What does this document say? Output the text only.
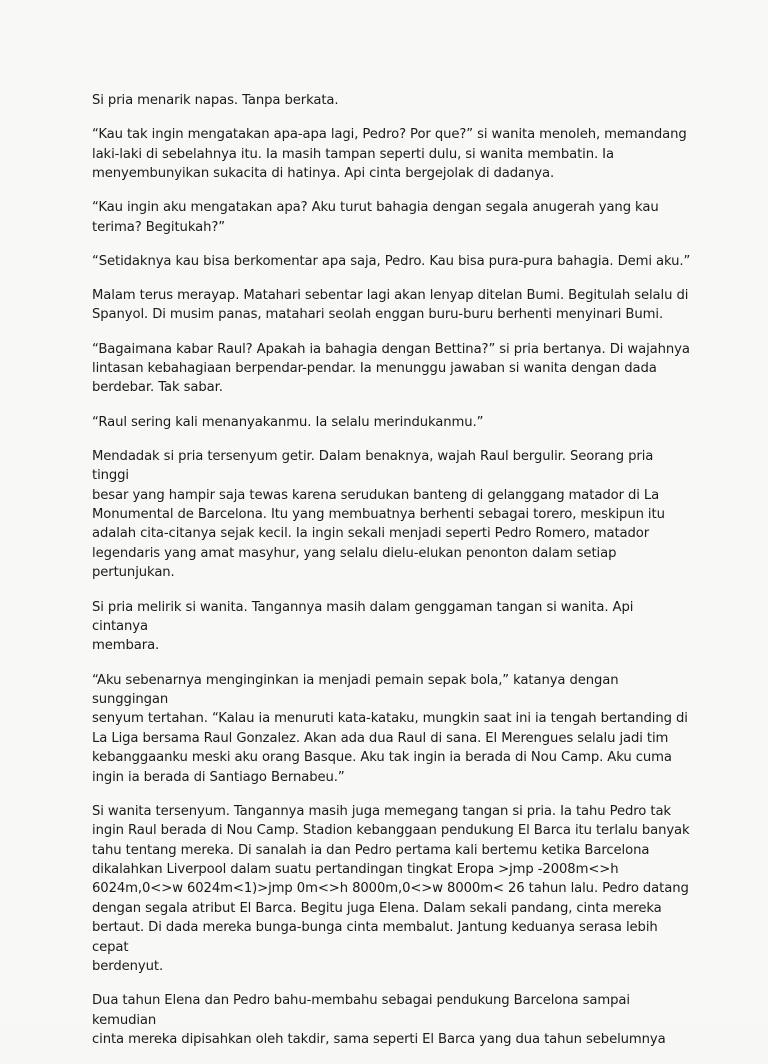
Si pria menarik napas. Tanpa berkata.

“Kau tak ingin mengatakan apa-apa lagi, Pedro? Por que?” si wanita menoleh, memandang
laki-laki di sebelahnya itu. Ia masih tampan seperti dulu, si wanita membatin. Ia
menyembunyikan sukacita di hatinya. Api cinta bergejolak di dadanya.

“Kau ingin aku mengatakan apa? Aku turut bahagia dengan segala anugerah yang kau
terima? Begitukah?”

“Setidaknya kau bisa berkomentar apa saja, Pedro. Kau bisa pura-pura bahagia. Demi aku.”

Malam terus merayap. Matahari sebentar lagi akan lenyap ditelan Bumi. Begitulah selalu di
Spanyol. Di musim panas, matahari seolah enggan buru-buru berhenti menyinari Bumi.

“Bagaimana kabar Raul? Apakah ia bahagia dengan Bettina?” si pria bertanya. Di wajahnya
lintasan kebahagiaan berpendar-pendar. Ia menunggu jawaban si wanita dengan dada
berdebar. Tak sabar.

“Raul sering kali menanyakanmu. Ia selalu merindukanmu.”

Mendadak si pria tersenyum getir. Dalam benaknya, wajah Raul bergulir. Seorang pria tinggi
besar yang hampir saja tewas karena serudukan banteng di gelanggang matador di La
Monumental de Barcelona. Itu yang membuatnya berhenti sebagai torero, meskipun itu
adalah cita-citanya sejak kecil. Ia ingin sekali menjadi seperti Pedro Romero, matador
legendaris yang amat masyhur, yang selalu dielu-elukan penonton dalam setiap
pertunjukan.

Si pria melirik si wanita. Tangannya masih dalam genggaman tangan si wanita. Api cintanya
membara.

“Aku sebenarnya menginginkan ia menjadi pemain sepak bola,” katanya dengan sunggingan
senyum tertahan. “Kalau ia menuruti kata-kataku, mungkin saat ini ia tengah bertanding di
La Liga bersama Raul Gonzalez. Akan ada dua Raul di sana. El Merengues selalu jadi tim
kebanggaanku meski aku orang Basque. Aku tak ingin ia berada di Nou Camp. Aku cuma
ingin ia berada di Santiago Bernabeu.”

Si wanita tersenyum. Tangannya masih juga memegang tangan si pria. Ia tahu Pedro tak
ingin Raul berada di Nou Camp. Stadion kebanggaan pendukung El Barca itu terlalu banyak
tahu tentang mereka. Di sanalah ia dan Pedro pertama kali bertemu ketika Barcelona
dikalahkan Liverpool dalam suatu pertandingan tingkat Eropa >jmp -2008m<>h
6024m,0<>w 6024m<1)>jmp 0m<>h 8000m,0<>w 8000m< 26 tahun lalu. Pedro datang
dengan segala atribut El Barca. Begitu juga Elena. Dalam sekali pandang, cinta mereka
bertaut. Di dada mereka bunga-bunga cinta membalut. Jantung keduanya serasa lebih cepat
berdenyut.

Dua tahun Elena dan Pedro bahu-membahu sebagai pendukung Barcelona sampai kemudian
cinta mereka dipisahkan oleh takdir, sama seperti El Barca yang dua tahun sebelumnya
